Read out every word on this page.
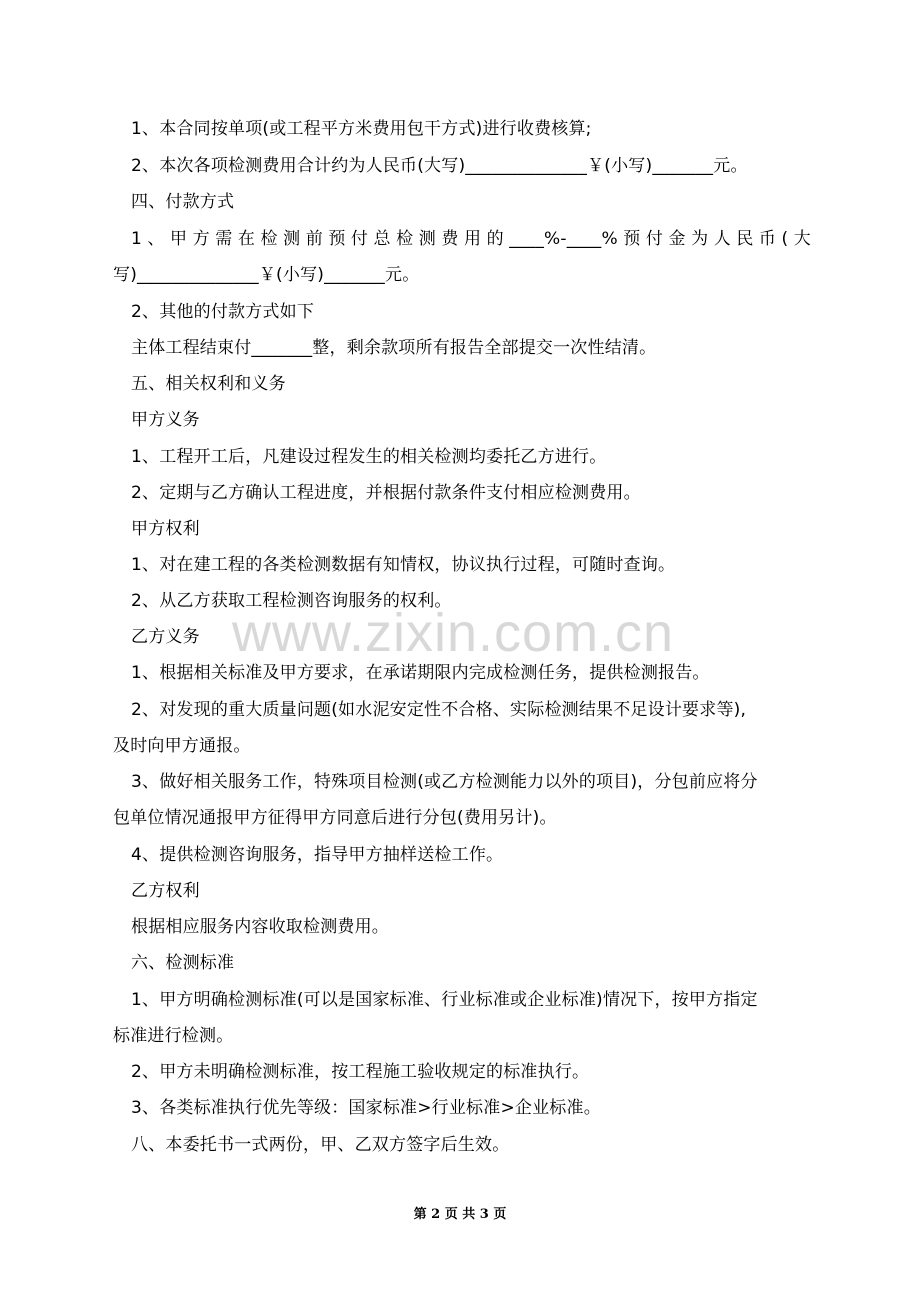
www.zixin.com.cn
1、本合同按单项(或工程平方米费用包干方式)进行收费核算;
2、本次各项检测费用合计约为人民币(大写)______________￥(小写)_______元。
四、付款方式
1、甲方需在检测前预付总检测费用的____%-____%预付金为人民币(大
写)______________￥(小写)_______元。
2、其他的付款方式如下
主体工程结束付_______整，剩余款项所有报告全部提交一次性结清。
五、相关权利和义务
甲方义务
1、工程开工后，凡建设过程发生的相关检测均委托乙方进行。
2、定期与乙方确认工程进度，并根据付款条件支付相应检测费用。
甲方权利
1、对在建工程的各类检测数据有知情权，协议执行过程，可随时查询。
2、从乙方获取工程检测咨询服务的权利。
乙方义务
1、根据相关标准及甲方要求，在承诺期限内完成检测任务，提供检测报告。
2、对发现的重大质量问题(如水泥安定性不合格、实际检测结果不足设计要求等),
及时向甲方通报。
3、做好相关服务工作，特殊项目检测(或乙方检测能力以外的项目)，分包前应将分
包单位情况通报甲方征得甲方同意后进行分包(费用另计)。
4、提供检测咨询服务，指导甲方抽样送检工作。
乙方权利
根据相应服务内容收取检测费用。
六、检测标准
1、甲方明确检测标准(可以是国家标准、行业标准或企业标准)情况下，按甲方指定
标准进行检测。
2、甲方未明确检测标准，按工程施工验收规定的标准执行。
3、各类标准执行优先等级：国家标准>行业标准>企业标准。
八、本委托书一式两份，甲、乙双方签字后生效。
第 2 页 共 3 页
